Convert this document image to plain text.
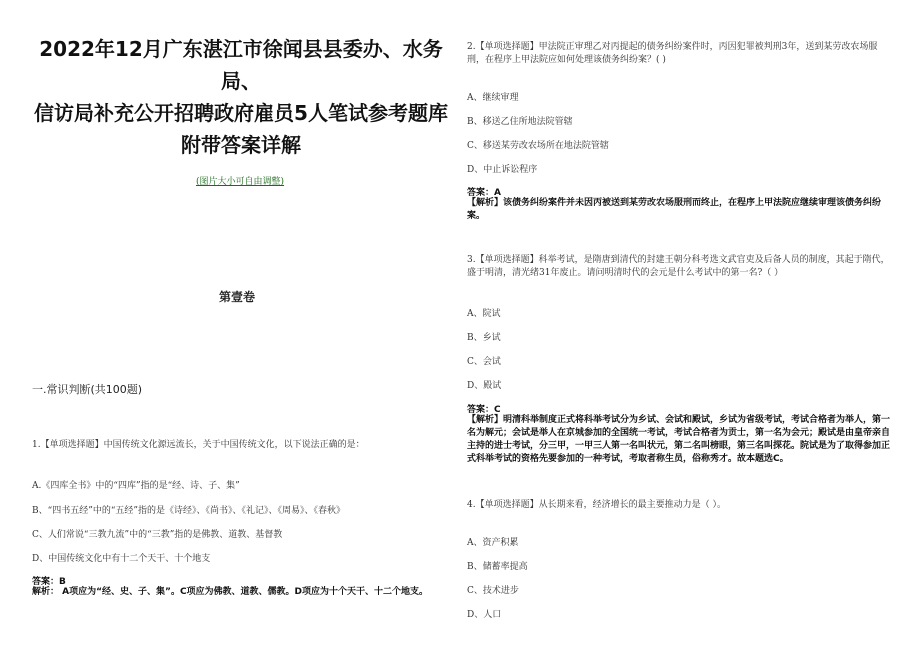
2022年12月广东湛江市徐闻县县委办、水务局、
信访局补充公开招聘政府雇员5人笔试参考题库
附带答案详解
(图片大小可自由调整)
第壹卷
一.常识判断(共100题)
1.【单项选择题】中国传统文化源远流长，关于中国传统文化，以下说法正确的是：
A.《四库全书》中的“四库”指的是“经、诗、子、集”
B、“四书五经”中的“五经”指的是《诗经》、《尚书》、《礼记》、《周易》、《春秋》
C、人们常说“三教九流”中的“三教”指的是佛教、道教、基督教
D、中国传统文化中有十二个天干、十个地支
答案：B
解析： A项应为“经、史、子、集”。C项应为佛教、道教、儒教。D项应为十个天干、十二个地支。
2.【单项选择题】甲法院正审理乙对丙提起的债务纠纷案件时，丙因犯罪被判刑3年，送到某劳改农场服刑，在程序上甲法院应如何处理该债务纠纷案？( )
A、继续审理
B、移送乙住所地法院管辖
C、移送某劳改农场所在地法院管辖
D、中止诉讼程序
答案：A
【解析】该债务纠纷案件并未因丙被送到某劳改农场服刑而终止，在程序上甲法院应继续审理该债务纠纷案。
3.【单项选择题】科举考试，是隋唐到清代的封建王朝分科考选文武官吏及后备人员的制度，其起于隋代，盛于明清，清光绪31年废止。请问明清时代的会元是什么考试中的第一名?（ ）
A、院试
B、乡试
C、会试
D、殿试
答案：C
【解析】明清科举制度正式将科举考试分为乡试、会试和殿试，乡试为省级考试，考试合格者为举人，第一名为解元；会试是举人在京城参加的全国统一考试，考试合格者为贡士，第一名为会元；殿试是由皇帝亲自主持的进士考试，分三甲，一甲三人第一名叫状元，第二名叫榜眼，第三名叫探花。院试是为了取得参加正式科举考试的资格先要参加的一种考试，考取者称生员，俗称秀才。故本题选C。
4.【单项选择题】从长期来看，经济增长的最主要推动力是（ ）。
A、资产积累
B、储蓄率提高
C、技术进步
D、人口
